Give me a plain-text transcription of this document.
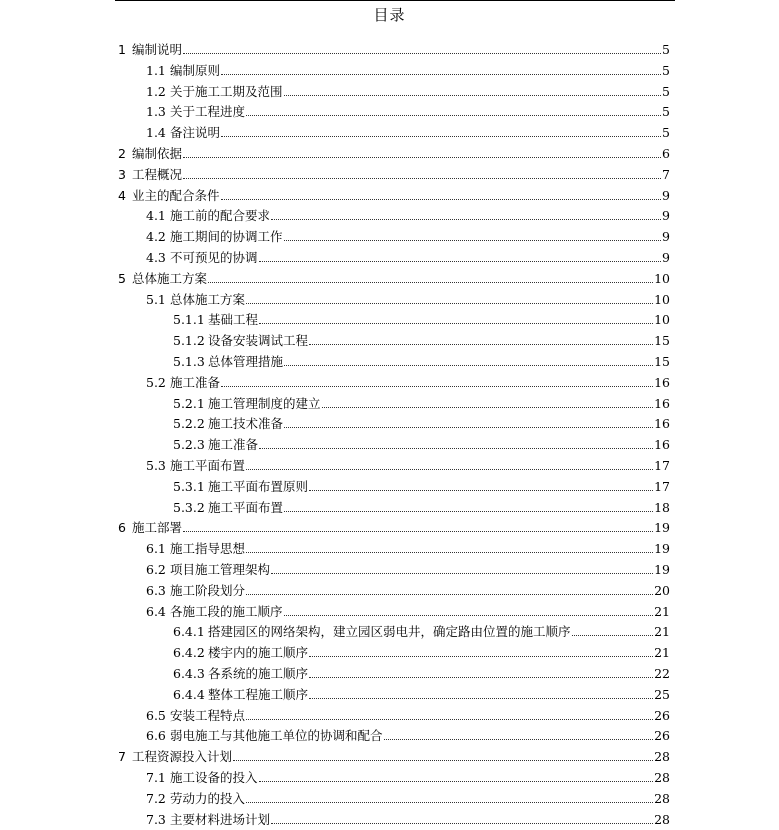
目录
1 编制说明	5
1.1 编制原则	5
1.2 关于施工工期及范围	5
1.3 关于工程进度	5
1.4 备注说明	5
2 编制依据	6
3 工程概况	7
4 业主的配合条件	9
4.1 施工前的配合要求	9
4.2 施工期间的协调工作	9
4.3 不可预见的协调	9
5 总体施工方案	10
5.1 总体施工方案	10
5.1.1 基础工程	10
5.1.2 设备安装调试工程	15
5.1.3 总体管理措施	15
5.2 施工准备	16
5.2.1 施工管理制度的建立	16
5.2.2 施工技术准备	16
5.2.3 施工准备	16
5.3 施工平面布置	17
5.3.1 施工平面布置原则	17
5.3.2 施工平面布置	18
6 施工部署	19
6.1 施工指导思想	19
6.2 项目施工管理架构	19
6.3 施工阶段划分	20
6.4 各施工段的施工顺序	21
6.4.1 搭建园区的网络架构，建立园区弱电井，确定路由位置的施工顺序	21
6.4.2 楼宇内的施工顺序	21
6.4.3 各系统的施工顺序	22
6.4.4 整体工程施工顺序	25
6.5 安装工程特点	26
6.6 弱电施工与其他施工单位的协调和配合	26
7 工程资源投入计划	28
7.1 施工设备的投入	28
7.2 劳动力的投入	28
7.3 主要材料进场计划	28
